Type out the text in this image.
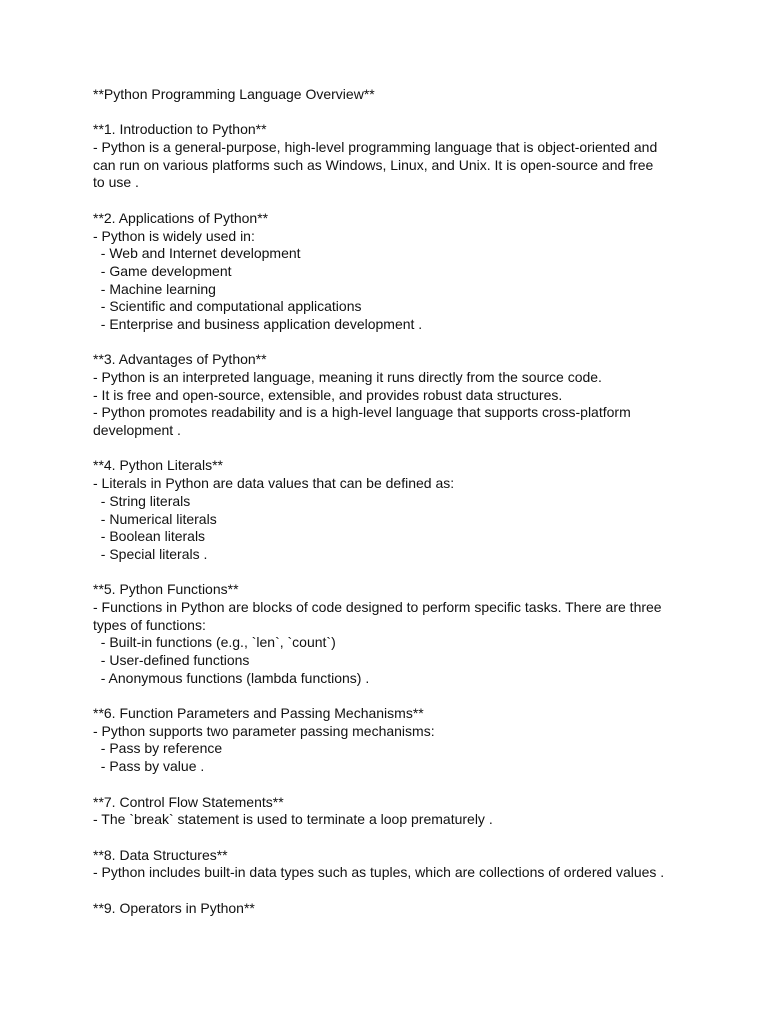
**Python Programming Language Overview**
**1. Introduction to Python**
- Python is a general-purpose, high-level programming language that is object-oriented and
can run on various platforms such as Windows, Linux, and Unix. It is open-source and free
to use .
**2. Applications of Python**
- Python is widely used in:
- Web and Internet development
- Game development
- Machine learning
- Scientific and computational applications
- Enterprise and business application development .
**3. Advantages of Python**
- Python is an interpreted language, meaning it runs directly from the source code.
- It is free and open-source, extensible, and provides robust data structures.
- Python promotes readability and is a high-level language that supports cross-platform
development .
**4. Python Literals**
- Literals in Python are data values that can be defined as:
- String literals
- Numerical literals
- Boolean literals
- Special literals .
**5. Python Functions**
- Functions in Python are blocks of code designed to perform specific tasks. There are three
types of functions:
- Built-in functions (e.g., `len`, `count`)
- User-defined functions
- Anonymous functions (lambda functions) .
**6. Function Parameters and Passing Mechanisms**
- Python supports two parameter passing mechanisms:
- Pass by reference
- Pass by value .
**7. Control Flow Statements**
- The `break` statement is used to terminate a loop prematurely .
**8. Data Structures**
- Python includes built-in data types such as tuples, which are collections of ordered values .
**9. Operators in Python**
